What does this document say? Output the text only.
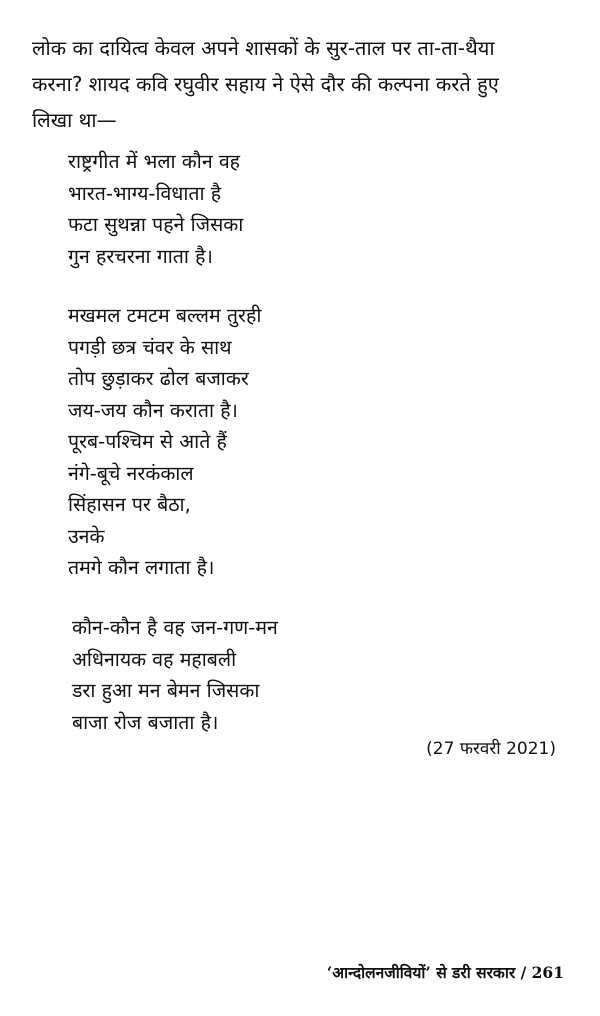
लोक का दायित्व केवल अपने शासकों के सुर-ताल पर ता-ता-थैया
करना? शायद कवि रघुवीर सहाय ने ऐसे दौर की कल्पना करते हुए
लिखा था—
राष्ट्रगीत में भला कौन वह
भारत-भाग्य-विधाता है
फटा सुथन्ना पहने जिसका
गुन हरचरना गाता है।
मखमल टमटम बल्लम तुरही
पगड़ी छत्र चंवर के साथ
तोप छुड़ाकर ढोल बजाकर
जय-जय कौन कराता है।
पूरब-पश्चिम से आते हैं
नंगे-बूचे नरकंकाल
सिंहासन पर बैठा,
उनके
तमगे कौन लगाता है।
कौन-कौन है वह जन-गण-मन
अधिनायक वह महाबली
डरा हुआ मन बेमन जिसका
बाजा रोज बजाता है।
(27 फरवरी 2021)
‘आन्दोलनजीवियों’ से डरी सरकार / 261
